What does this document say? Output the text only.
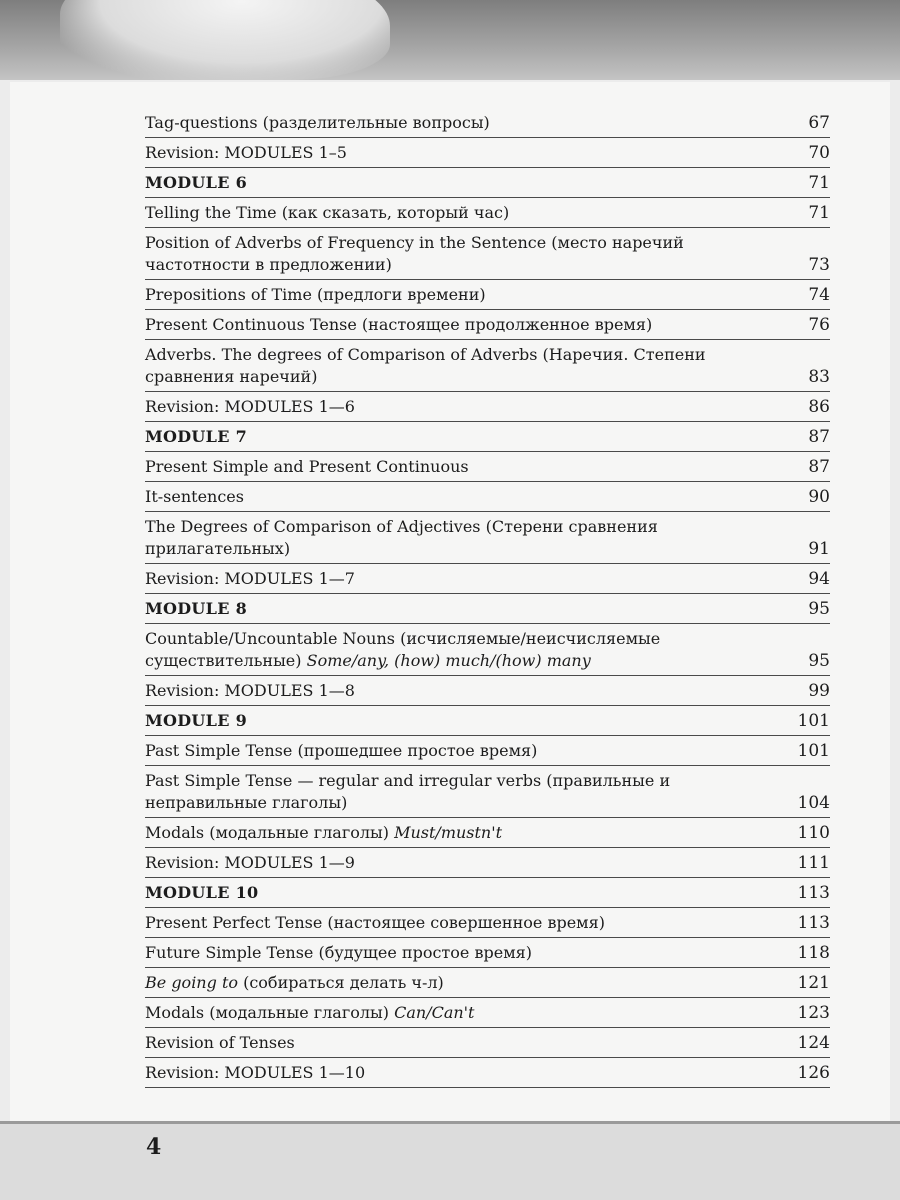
Tag-questions (разделительные вопросы)	67
Revision: MODULES 1–5	70
MODULE 6	71
Telling the Time (как сказать, который час)	71
Position of Adverbs of Frequency in the Sentence (место наречий частотности в предложении)	73
Prepositions of Time (предлоги времени)	74
Present Continuous Tense (настоящее продолженное время)	76
Adverbs. The degrees of Comparison of Adverbs (Наречия. Степени сравнения наречий)	83
Revision: MODULES 1—6	86
MODULE 7	87
Present Simple and Present Continuous	87
It-sentences	90
The Degrees of Comparison of Adjectives (Стерени сравнения прилагательных)	91
Revision: MODULES 1—7	94
MODULE 8	95
Countable/Uncountable Nouns (исчисляемые/неисчисляемые существительные) Some/any, (how) much/(how) many	95
Revision: MODULES 1—8	99
MODULE 9	101
Past Simple Tense (прошедшее простое время)	101
Past Simple Tense — regular and irregular verbs (правильные и неправильные глаголы)	104
Modals (модальные глаголы) Must/mustn't	110
Revision: MODULES 1—9	111
MODULE 10	113
Present Perfect Tense (настоящее совершенное время)	113
Future Simple Tense (будущее простое время)	118
Be going to (собираться делать ч-л)	121
Modals (модальные глаголы) Can/Can't	123
Revision of Tenses	124
Revision: MODULES 1—10	126
4
